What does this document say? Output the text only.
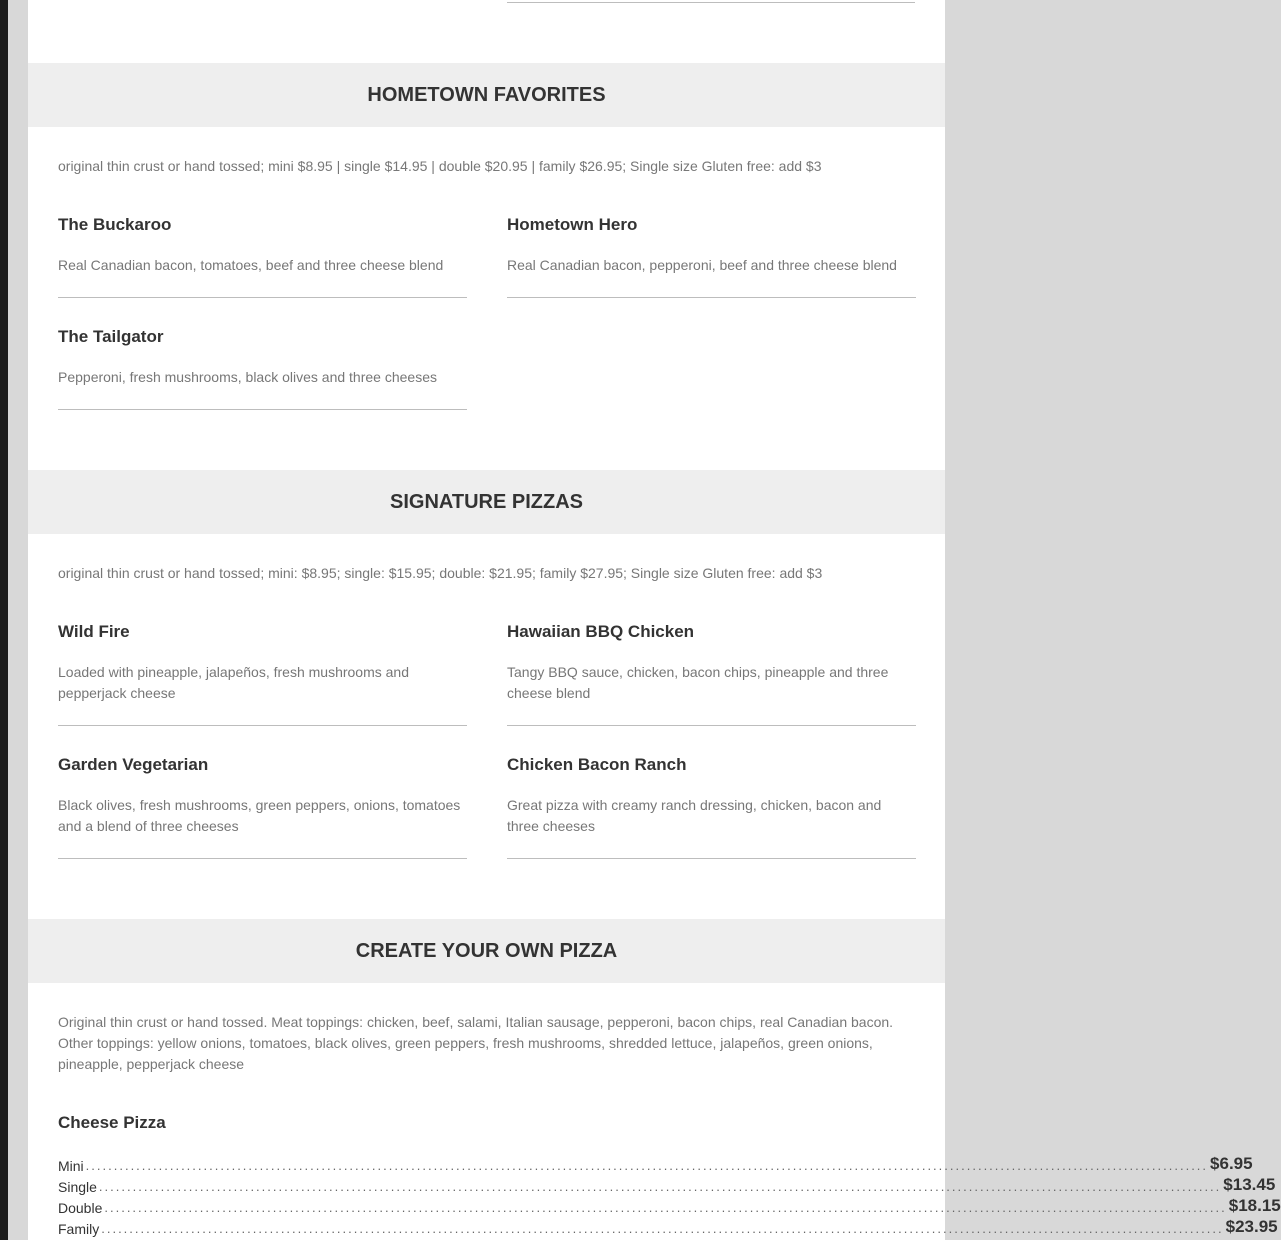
HOMETOWN FAVORITES
original thin crust or hand tossed; mini $8.95 | single $14.95 | double $20.95 | family $26.95; Single size Gluten free: add $3
The Buckaroo
Real Canadian bacon, tomatoes, beef and three cheese blend
Hometown Hero
Real Canadian bacon, pepperoni, beef and three cheese blend
The Tailgator
Pepperoni, fresh mushrooms, black olives and three cheeses
SIGNATURE PIZZAS
original thin crust or hand tossed; mini: $8.95; single: $15.95; double: $21.95; family $27.95; Single size Gluten free: add $3
Wild Fire
Loaded with pineapple, jalapeños, fresh mushrooms and pepperjack cheese
Hawaiian BBQ Chicken
Tangy BBQ sauce, chicken, bacon chips, pineapple and three cheese blend
Garden Vegetarian
Black olives, fresh mushrooms, green peppers, onions, tomatoes and a blend of three cheeses
Chicken Bacon Ranch
Great pizza with creamy ranch dressing, chicken, bacon and three cheeses
CREATE YOUR OWN PIZZA
Original thin crust or hand tossed. Meat toppings: chicken, beef, salami, Italian sausage, pepperoni, bacon chips, real Canadian bacon. Other toppings: yellow onions, tomatoes, black olives, green peppers, fresh mushrooms, shredded lettuce, jalapeños, green onions, pineapple, pepperjack cheese
Cheese Pizza
Mini ........................................................................................................................................................................................................ $6.95
Single ........................................................................................................................................................................................................ $13.45
Double ........................................................................................................................................................................................................ $18.15
Family ........................................................................................................................................................................................................ $23.95
